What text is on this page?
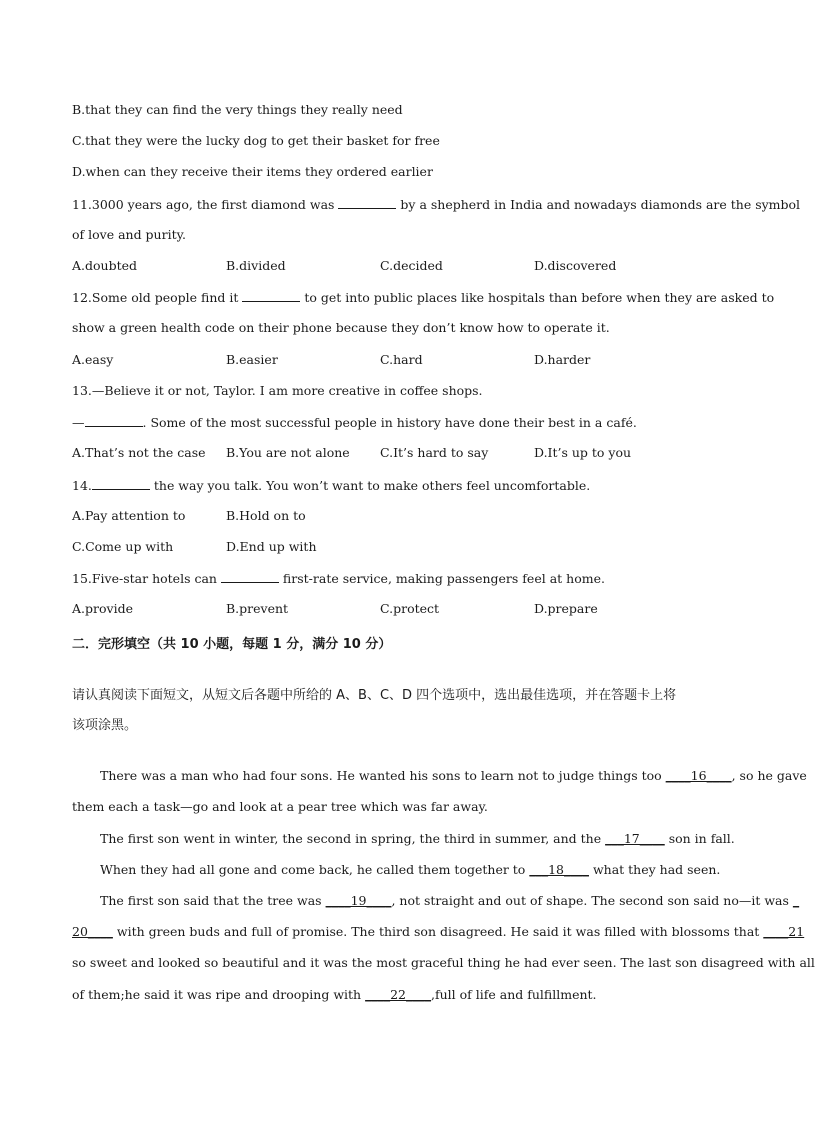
B.that they can find the very things they really need
C.that they were the lucky dog to get their basket for free
D.when can they receive their items they ordered earlier
11.3000 years ago, the first diamond was	by a shepherd in India and nowadays diamonds are the symbol
of love and purity.
A.doubted	B.divided	C.decided	D.discovered
12.Some old people find it	to get into public places like hospitals than before when they are asked to
show a green health code on their phone because they don’t know how to operate it.
A.easy	B.easier	C.hard	D.harder
13.—Believe it or not, Taylor. I am more creative in coffee shops.
—	. Some of the most successful people in history have done their best in a café.
A.That’s not the case B.You are not alone C.It’s hard to say	D.It’s up to you
14.	the way you talk. You won’t want to make others feel uncomfortable.
A.Pay attention to	B.Hold on to
C.Come up with	D.End up with
15.Five-star hotels can	first-rate service, making passengers feel at home.
A.provide	B.prevent	C.protect	D.prepare
二．完形填空（共 10 小题，每题 1 分，满分 10 分）
请认真阅读下面短文，从短文后各题中所给的 A、B、C、D 四个选项中，选出最佳选项，并在答题卡上将
该项涂黑。
There was a man who had four sons. He wanted his sons to learn not to judge things too ____16____, so he gave
them each a task—go and look at a pear tree which was far away.
The first son went in winter, the second in spring, the third in summer, and the ___17____ son in fall.
When they had all gone and come back, he called them together to ___18____ what they had seen.
The first son said that the tree was ____19____, not straight and out of shape. The second son said no—it was _
20____ with green buds and full of promise. The third son disagreed. He said it was filled with blossoms that ____21
so sweet and looked so beautiful and it was the most graceful thing he had ever seen. The last son disagreed with all
of them;he said it was ripe and drooping with ____22____,full of life and fulfillment.
